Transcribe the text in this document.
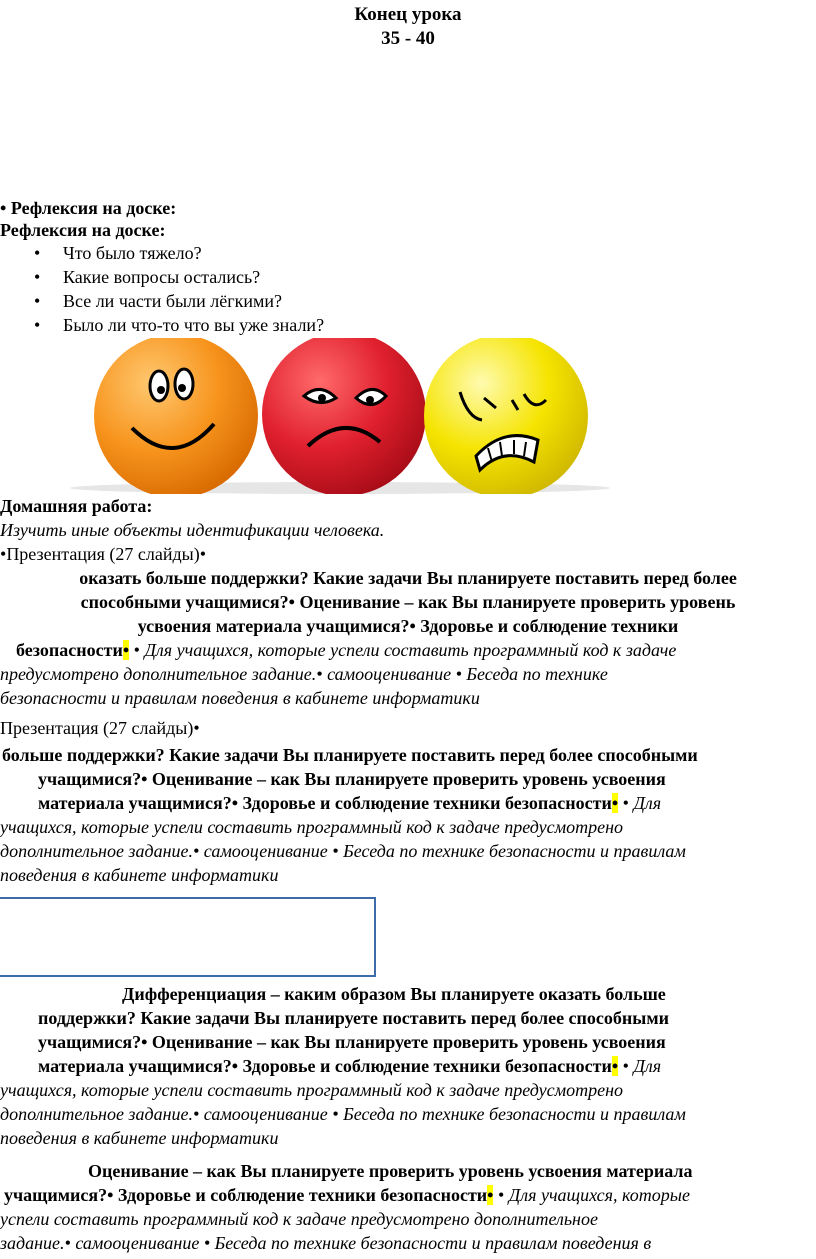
Конец урока
35 - 40
• Рефлексия на доске:
Рефлексия на доске:
• Что было тяжело?
• Какие вопросы остались?
• Все ли части были лёгкими?
• Было ли что-то что вы уже знали?
Домашняя работа:
Изучить иные объекты идентификации человека.
•Презентация (27 слайды)•
оказать больше поддержки? Какие задачи Вы планируете поставить перед более
способными учащимися?• Оценивание – как Вы планируете проверить уровень
усвоения материала учащимися?• Здоровье и соблюдение техники
безопасности• • Для учащихся, которые успели составить программный код к задаче
предусмотрено дополнительное задание.• самооценивание • Беседа по технике
безопасности и правилам поведения в кабинете информатики
Презентация (27 слайды)•
больше поддержки? Какие задачи Вы планируете поставить перед более способными
учащимися?• Оценивание – как Вы планируете проверить уровень усвоения
материала учащимися?• Здоровье и соблюдение техники безопасности• • Для
учащихся, которые успели составить программный код к задаче предусмотрено
дополнительное задание.• самооценивание • Беседа по технике безопасности и правилам
поведения в кабинете информатики
Дифференциация – каким образом Вы планируете оказать больше
поддержки? Какие задачи Вы планируете поставить перед более способными
учащимися?• Оценивание – как Вы планируете проверить уровень усвоения
материала учащимися?• Здоровье и соблюдение техники безопасности• • Для
учащихся, которые успели составить программный код к задаче предусмотрено
дополнительное задание.• самооценивание • Беседа по технике безопасности и правилам
поведения в кабинете информатики
Оценивание – как Вы планируете проверить уровень усвоения материала
учащимися?• Здоровье и соблюдение техники безопасности• • Для учащихся, которые
успели составить программный код к задаче предусмотрено дополнительное
задание.• самооценивание • Беседа по технике безопасности и правилам поведения в
